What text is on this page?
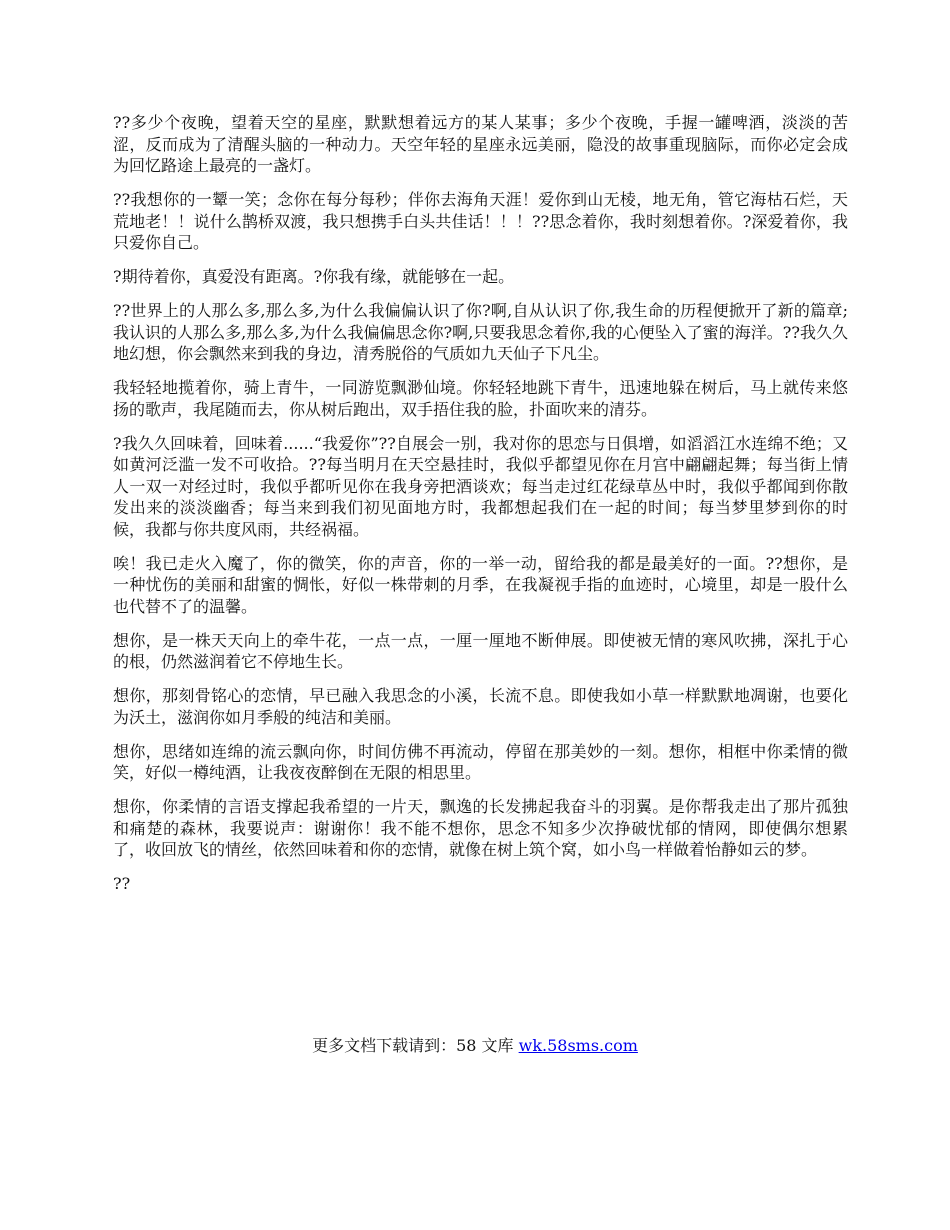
??多少个夜晚，望着天空的星座，默默想着远方的某人某事；多少个夜晚，手握一罐啤酒，淡淡的苦涩，反而成为了清醒头脑的一种动力。天空年轻的星座永远美丽，隐没的故事重现脑际，而你必定会成为回忆路途上最亮的一盏灯。

??我想你的一颦一笑；念你在每分每秒；伴你去海角天涯！爱你到山无棱，地无角，管它海枯石烂，天荒地老！！说什么鹊桥双渡，我只想携手白头共佳话！！！??思念着你，我时刻想着你。?深爱着你，我只爱你自己。

?期待着你，真爱没有距离。?你我有缘，就能够在一起。

??世界上的人那么多,那么多,为什么我偏偏认识了你?啊,自从认识了你,我生命的历程便掀开了新的篇章;我认识的人那么多,那么多,为什么我偏偏思念你?啊,只要我思念着你,我的心便坠入了蜜的海洋。??我久久地幻想，你会飘然来到我的身边，清秀脱俗的气质如九天仙子下凡尘。

我轻轻地揽着你，骑上青牛，一同游览飘渺仙境。你轻轻地跳下青牛，迅速地躲在树后，马上就传来悠扬的歌声，我尾随而去，你从树后跑出，双手捂住我的脸，扑面吹来的清芬。

?我久久回味着，回味着......“我爱你”??自展会一别，我对你的思恋与日俱增，如滔滔江水连绵不绝；又如黄河泛滥一发不可收拾。??每当明月在天空悬挂时，我似乎都望见你在月宫中翩翩起舞；每当街上情人一双一对经过时，我似乎都听见你在我身旁把酒谈欢；每当走过红花绿草丛中时，我似乎都闻到你散发出来的淡淡幽香；每当来到我们初见面地方时，我都想起我们在一起的时间；每当梦里梦到你的时候，我都与你共度风雨，共经祸福。

唉！我已走火入魔了，你的微笑，你的声音，你的一举一动，留给我的都是最美好的一面。??想你，是一种忧伤的美丽和甜蜜的惆怅，好似一株带刺的月季，在我凝视手指的血迹时，心境里，却是一股什么也代替不了的温馨。

想你，是一株天天向上的牵牛花，一点一点，一厘一厘地不断伸展。即使被无情的寒风吹拂，深扎于心的根，仍然滋润着它不停地生长。

想你，那刻骨铭心的恋情，早已融入我思念的小溪，长流不息。即使我如小草一样默默地凋谢，也要化为沃土，滋润你如月季般的纯洁和美丽。

想你，思绪如连绵的流云飘向你，时间仿佛不再流动，停留在那美妙的一刻。想你，相框中你柔情的微笑，好似一樽纯酒，让我夜夜醉倒在无限的相思里。

想你，你柔情的言语支撑起我希望的一片天，飘逸的长发拂起我奋斗的羽翼。是你帮我走出了那片孤独和痛楚的森林，我要说声：谢谢你！我不能不想你，思念不知多少次挣破忧郁的情网，即使偶尔想累了，收回放飞的情丝，依然回味着和你的恋情，就像在树上筑个窝，如小鸟一样做着怡静如云的梦。

??

更多文档下载请到：58 文库 wk.58sms.com
